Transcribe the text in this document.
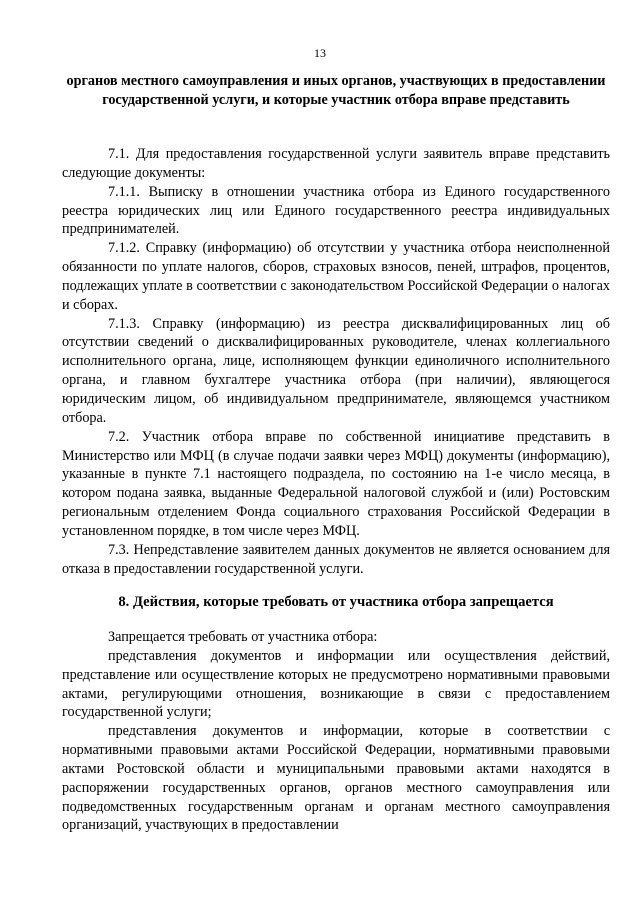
13
органов местного самоуправления и иных органов, участвующих в предоставлении государственной услуги, и которые участник отбора вправе представить

7.1. Для предоставления государственной услуги заявитель вправе представить следующие документы:

7.1.1. Выписку в отношении участника отбора из Единого государственного реестра юридических лиц или Единого государственного реестра индивидуальных предпринимателей.

7.1.2. Справку (информацию) об отсутствии у участника отбора неисполненной обязанности по уплате налогов, сборов, страховых взносов, пеней, штрафов, процентов, подлежащих уплате в соответствии с законодательством Российской Федерации о налогах и сборах.

7.1.3. Справку (информацию) из реестра дисквалифицированных лиц об отсутствии сведений о дисквалифицированных руководителе, членах коллегиального исполнительного органа, лице, исполняющем функции единоличного исполнительного органа, и главном бухгалтере участника отбора (при наличии), являющегося юридическим лицом, об индивидуальном предпринимателе, являющемся участником отбора.

7.2. Участник отбора вправе по собственной инициативе представить в Министерство или МФЦ (в случае подачи заявки через МФЦ) документы (информацию), указанные в пункте 7.1 настоящего подраздела, по состоянию на 1-е число месяца, в котором подана заявка, выданные Федеральной налоговой службой и (или) Ростовским региональным отделением Фонда социального страхования Российской Федерации в установленном порядке, в том числе через МФЦ.

7.3. Непредставление заявителем данных документов не является основанием для отказа в предоставлении государственной услуги.

8. Действия, которые требовать от участника отбора запрещается

Запрещается требовать от участника отбора:

представления документов и информации или осуществления действий, представление или осуществление которых не предусмотрено нормативными правовыми актами, регулирующими отношения, возникающие в связи с предоставлением государственной услуги;

представления документов и информации, которые в соответствии с нормативными правовыми актами Российской Федерации, нормативными правовыми актами Ростовской области и муниципальными правовыми актами находятся в распоряжении государственных органов, органов местного самоуправления или подведомственных государственным органам и органам местного самоуправления организаций, участвующих в предоставлении
